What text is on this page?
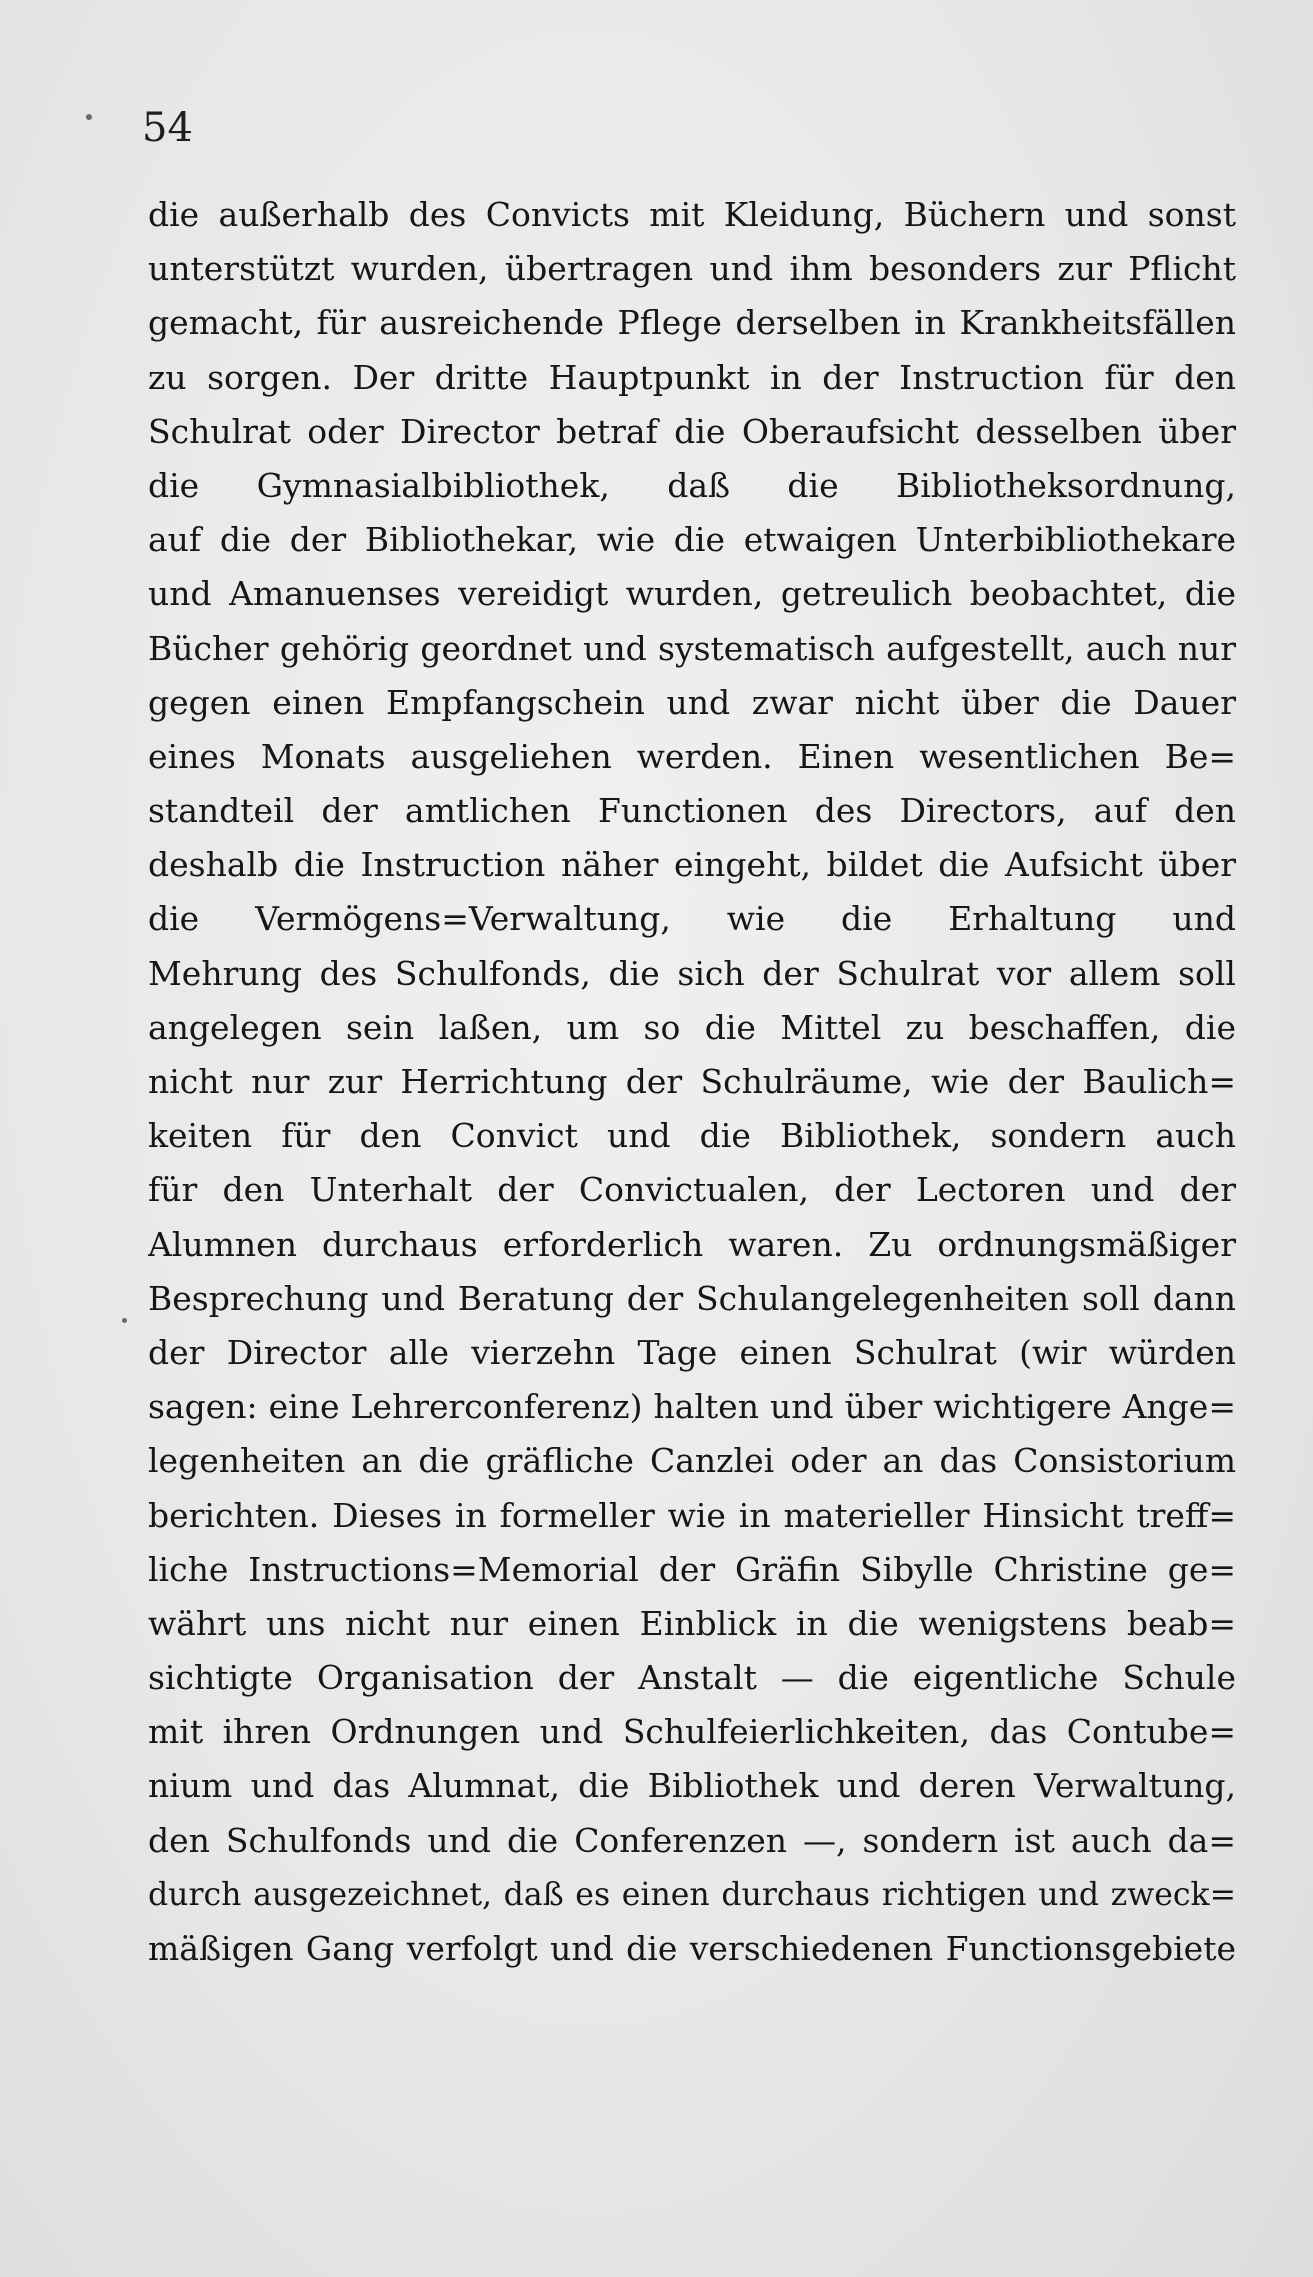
54
die außerhalb des Convicts mit Kleidung, Büchern und sonst
unterstützt wurden, übertragen und ihm besonders zur Pflicht
gemacht, für ausreichende Pflege derselben in Krankheitsfällen
zu sorgen. Der dritte Hauptpunkt in der Instruction für den
Schulrat oder Director betraf die Oberaufsicht desselben über
die Gymnasialbibliothek, daß die Bibliotheksordnung,
auf die der Bibliothekar, wie die etwaigen Unterbibliothekare
und Amanuenses vereidigt wurden, getreulich beobachtet, die
Bücher gehörig geordnet und systematisch aufgestellt, auch nur
gegen einen Empfangschein und zwar nicht über die Dauer
eines Monats ausgeliehen werden. Einen wesentlichen Be=
standteil der amtlichen Functionen des Directors, auf den
deshalb die Instruction näher eingeht, bildet die Aufsicht über
die Vermögens=Verwaltung, wie die Erhaltung und
Mehrung des Schulfonds, die sich der Schulrat vor allem soll
angelegen sein laßen, um so die Mittel zu beschaffen, die
nicht nur zur Herrichtung der Schulräume, wie der Baulich=
keiten für den Convict und die Bibliothek, sondern auch
für den Unterhalt der Convictualen, der Lectoren und der
Alumnen durchaus erforderlich waren. Zu ordnungsmäßiger
Besprechung und Beratung der Schulangelegenheiten soll dann
der Director alle vierzehn Tage einen Schulrat (wir würden
sagen: eine Lehrerconferenz) halten und über wichtigere Ange=
legenheiten an die gräfliche Canzlei oder an das Consistorium
berichten. Dieses in formeller wie in materieller Hinsicht treff=
liche Instructions=Memorial der Gräfin Sibylle Christine ge=
währt uns nicht nur einen Einblick in die wenigstens beab=
sichtigte Organisation der Anstalt — die eigentliche Schule
mit ihren Ordnungen und Schulfeierlichkeiten, das Contube=
nium und das Alumnat, die Bibliothek und deren Verwaltung,
den Schulfonds und die Conferenzen —, sondern ist auch da=
durch ausgezeichnet, daß es einen durchaus richtigen und zweck=
mäßigen Gang verfolgt und die verschiedenen Functionsgebiete
